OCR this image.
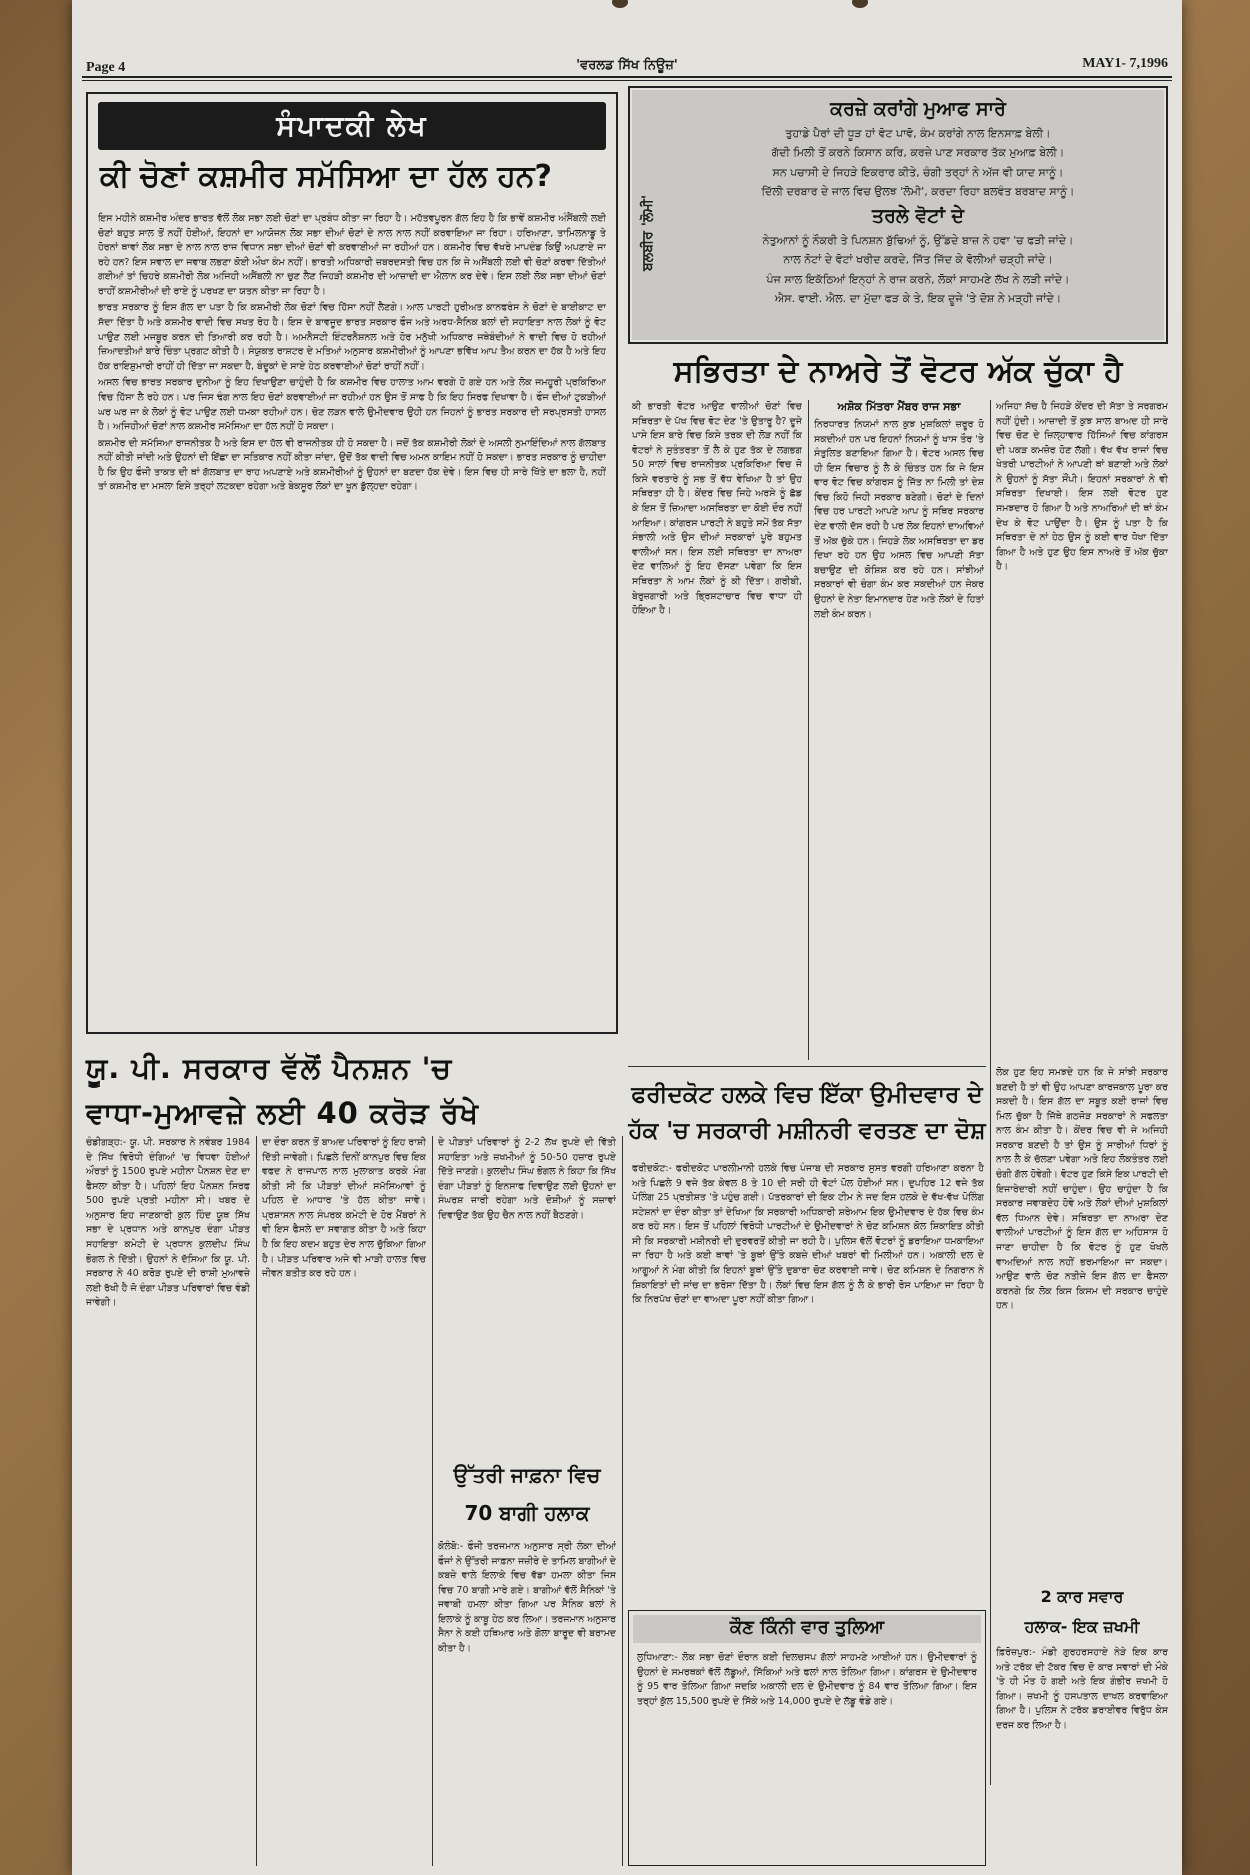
Page 4	'ਵਰਲਡ ਸਿੱਖ ਨਿਊਜ਼'	MAY1- 7,1996
ਸੰਪਾਦਕੀ ਲੇਖ
ਕੀ ਚੋਣਾਂ ਕਸ਼ਮੀਰ ਸਮੱਸਿਆ ਦਾ ਹੱਲ ਹਨ?

ਇਸ ਮਹੀਨੇ ਕਸ਼ਮੀਰ ਅੰਦਰ ਭਾਰਤ ਵੱਲੋਂ ਲੋਕ ਸਭਾ ਲਈ ਚੋਣਾਂ ਦਾ ਪ੍ਰਬੰਧ ਕੀਤਾ ਜਾ ਰਿਹਾ ਹੈ। ਮਹੱਤਵਪੂਰਨ ਗੱਲ ਇਹ ਹੈ ਕਿ ਭਾਵੇਂ ਕਸ਼ਮੀਰ ਅੰਸੈਂਬਲੀ ਲਈ ਚੋਣਾਂ ਬਹੁਤ ਸਾਲ ਤੋਂ ਨਹੀਂ ਹੋਈਆਂ, ਇਹਨਾਂ ਦਾ ਆਯੋਜਨ ਲੋਕ ਸਭਾ ਦੀਆਂ ਚੋਣਾਂ ਦੇ ਨਾਲ ਨਾਲ ਨਹੀਂ ਕਰਵਾਇਆ ਜਾ ਰਿਹਾ। ਹਰਿਆਣਾ, ਤਾਮਿਲਨਾਡੂ ਤੇ ਹੋਰਨਾਂ ਥਾਵਾਂ ਲੋਕ ਸਭਾ ਦੇ ਨਾਲ ਨਾਲ ਰਾਜ ਵਿਧਾਨ ਸਭਾ ਦੀਆਂ ਚੋਣਾਂ ਵੀ ਕਰਵਾਈਆਂ ਜਾ ਰਹੀਆਂ ਹਨ। ਕਸ਼ਮੀਰ ਵਿਚ ਵੱਖਰੇ ਮਾਪਦੰਡ ਕਿਉਂ ਅਪਣਾਏ ਜਾ ਰਹੇ ਹਨ? ਇਸ ਸਵਾਲ ਦਾ ਜਵਾਬ ਲਭਣਾ ਕੋਈ ਔਖਾ ਕੰਮ ਨਹੀਂ। ਭਾਰਤੀ ਅਧਿਕਾਰੀ ਜ਼ਬਰਦਸਤੀ ਵਿਚ ਹਨ ਕਿ ਜੇ ਅਸੈਂਬਲੀ ਲਈ ਵੀ ਚੋਣਾਂ ਕਰਵਾ ਦਿੱਤੀਆਂ ਗਈਆਂ ਤਾਂ ਚਿਹਰੇ ਕਸ਼ਮੀਰੀ ਲੋਕ ਅਜਿਹੀ ਅਸੈਂਬਲੀ ਨਾ ਚੁਣ ਲੈਣ ਜਿਹੜੀ ਕਸ਼ਮੀਰ ਦੀ ਆਜ਼ਾਦੀ ਦਾ ਐਲਾਨ ਕਰ ਦੇਵੇ। ਇਸ ਲਈ ਲੋਕ ਸਭਾ ਦੀਆਂ ਚੋਣਾਂ ਰਾਹੀਂ ਕਸ਼ਮੀਰੀਆਂ ਦੀ ਰਾਏ ਨੂੰ ਪਰਖਣ ਦਾ ਯਤਨ ਕੀਤਾ ਜਾ ਰਿਹਾ ਹੈ।

ਭਾਰਤ ਸਰਕਾਰ ਨੂੰ ਇਸ ਗੱਲ ਦਾ ਪਤਾ ਹੈ ਕਿ ਕਸ਼ਮੀਰੀ ਲੋਕ ਚੋਣਾਂ ਵਿਚ ਹਿੱਸਾ ਨਹੀਂ ਲੈਣਗੇ। ਆਲ ਪਾਰਟੀ ਹੁਰੀਅਤ ਕਾਨਫਰੰਸ ਨੇ ਚੋਣਾਂ ਦੇ ਬਾਈਕਾਟ ਦਾ ਸੱਦਾ ਦਿੱਤਾ ਹੈ ਅਤੇ ਕਸ਼ਮੀਰ ਵਾਦੀ ਵਿਚ ਸਖਤ ਰੋਹ ਹੈ। ਇਸ ਦੇ ਬਾਵਜੂਦ ਭਾਰਤ ਸਰਕਾਰ ਫੌਜ ਅਤੇ ਅਰਧ-ਸੈਨਿਕ ਬਲਾਂ ਦੀ ਸਹਾਇਤਾ ਨਾਲ ਲੋਕਾਂ ਨੂੰ ਵੋਟ ਪਾਉਣ ਲਈ ਮਜਬੂਰ ਕਰਨ ਦੀ ਤਿਆਰੀ ਕਰ ਰਹੀ ਹੈ। ਅਮਨੈਸਟੀ ਇੰਟਰਨੈਸ਼ਨਲ ਅਤੇ ਹੋਰ ਮਨੁੱਖੀ ਅਧਿਕਾਰ ਜਥੇਬੰਦੀਆਂ ਨੇ ਵਾਦੀ ਵਿਚ ਹੋ ਰਹੀਆਂ ਜ਼ਿਆਦਤੀਆਂ ਬਾਰੇ ਚਿੰਤਾ ਪ੍ਰਗਟ ਕੀਤੀ ਹੈ। ਸੰਯੁਕਤ ਰਾਸ਼ਟਰ ਦੇ ਮਤਿਆਂ ਅਨੁਸਾਰ ਕਸ਼ਮੀਰੀਆਂ ਨੂੰ ਆਪਣਾ ਭਵਿੱਖ ਆਪ ਤੈਅ ਕਰਨ ਦਾ ਹੱਕ ਹੈ ਅਤੇ ਇਹ ਹੱਕ ਰਾਇਸ਼ੁਮਾਰੀ ਰਾਹੀਂ ਹੀ ਦਿੱਤਾ ਜਾ ਸਕਦਾ ਹੈ, ਬੰਦੂਕਾਂ ਦੇ ਸਾਏ ਹੇਠ ਕਰਵਾਈਆਂ ਚੋਣਾਂ ਰਾਹੀਂ ਨਹੀਂ।

ਅਸਲ ਵਿਚ ਭਾਰਤ ਸਰਕਾਰ ਦੁਨੀਆ ਨੂੰ ਇਹ ਦਿਖਾਉਣਾ ਚਾਹੁੰਦੀ ਹੈ ਕਿ ਕਸ਼ਮੀਰ ਵਿਚ ਹਾਲਾਤ ਆਮ ਵਰਗੇ ਹੋ ਗਏ ਹਨ ਅਤੇ ਲੋਕ ਜਮਹੂਰੀ ਪ੍ਰਕਿਰਿਆ ਵਿਚ ਹਿੱਸਾ ਲੈ ਰਹੇ ਹਨ। ਪਰ ਜਿਸ ਢੰਗ ਨਾਲ ਇਹ ਚੋਣਾਂ ਕਰਵਾਈਆਂ ਜਾ ਰਹੀਆਂ ਹਨ ਉਸ ਤੋਂ ਸਾਫ ਹੈ ਕਿ ਇਹ ਸਿਰਫ ਦਿਖਾਵਾ ਹੈ। ਫੌਜ ਦੀਆਂ ਟੁਕੜੀਆਂ ਘਰ ਘਰ ਜਾ ਕੇ ਲੋਕਾਂ ਨੂੰ ਵੋਟ ਪਾਉਣ ਲਈ ਧਮਕਾ ਰਹੀਆਂ ਹਨ। ਚੋਣ ਲੜਨ ਵਾਲੇ ਉਮੀਦਵਾਰ ਉਹੀ ਹਨ ਜਿਹਨਾਂ ਨੂੰ ਭਾਰਤ ਸਰਕਾਰ ਦੀ ਸਰਪ੍ਰਸਤੀ ਹਾਸਲ ਹੈ। ਅਜਿਹੀਆਂ ਚੋਣਾਂ ਨਾਲ ਕਸ਼ਮੀਰ ਸਮੱਸਿਆ ਦਾ ਹੱਲ ਨਹੀਂ ਹੋ ਸਕਦਾ।

ਕਸ਼ਮੀਰ ਦੀ ਸਮੱਸਿਆ ਰਾਜਨੀਤਕ ਹੈ ਅਤੇ ਇਸ ਦਾ ਹੱਲ ਵੀ ਰਾਜਨੀਤਕ ਹੀ ਹੋ ਸਕਦਾ ਹੈ। ਜਦੋਂ ਤੱਕ ਕਸ਼ਮੀਰੀ ਲੋਕਾਂ ਦੇ ਅਸਲੀ ਨੁਮਾਇੰਦਿਆਂ ਨਾਲ ਗੱਲਬਾਤ ਨਹੀਂ ਕੀਤੀ ਜਾਂਦੀ ਅਤੇ ਉਹਨਾਂ ਦੀ ਇੱਛਾ ਦਾ ਸਤਿਕਾਰ ਨਹੀਂ ਕੀਤਾ ਜਾਂਦਾ, ਉਦੋਂ ਤੱਕ ਵਾਦੀ ਵਿਚ ਅਮਨ ਕਾਇਮ ਨਹੀਂ ਹੋ ਸਕਦਾ। ਭਾਰਤ ਸਰਕਾਰ ਨੂੰ ਚਾਹੀਦਾ ਹੈ ਕਿ ਉਹ ਫੌਜੀ ਤਾਕਤ ਦੀ ਥਾਂ ਗੱਲਬਾਤ ਦਾ ਰਾਹ ਅਪਣਾਏ ਅਤੇ ਕਸ਼ਮੀਰੀਆਂ ਨੂੰ ਉਹਨਾਂ ਦਾ ਬਣਦਾ ਹੱਕ ਦੇਵੇ। ਇਸ ਵਿਚ ਹੀ ਸਾਰੇ ਖਿੱਤੇ ਦਾ ਭਲਾ ਹੈ, ਨਹੀਂ ਤਾਂ ਕਸ਼ਮੀਰ ਦਾ ਮਸਲਾ ਇਸੇ ਤਰ੍ਹਾਂ ਲਟਕਦਾ ਰਹੇਗਾ ਅਤੇ ਬੇਕਸੂਰ ਲੋਕਾਂ ਦਾ ਖੂਨ ਡੁੱਲ੍ਹਦਾ ਰਹੇਗਾ।

ਬਲਬੀਰ 'ਲੋਮੀ'
ਕਰਜ਼ੇ ਕਰਾਂਗੇ ਮੁਆਫ ਸਾਰੇ
ਤੁਹਾਡੇ ਪੈਰਾਂ ਦੀ ਧੂੜ ਹਾਂ ਵੋਟ ਪਾਵੋ, ਕੰਮ ਕਰਾਂਗੇ ਨਾਲ ਇਨਸਾਫ਼ ਬੇਲੀ।
ਗੱਦੀ ਮਿਲੀ ਤੋਂ ਕਰਨੇ ਕਿਸਾਨ ਕਰਿ, ਕਰਜ਼ੇ ਪਾਣ ਸਰਕਾਰ ਤੱਕ ਮੁਆਫ਼ ਬੇਲੀ।
ਸਨ ਪਚਾਸੀ ਦੇ ਜਿਹੜੇ ਇਕਰਾਰ ਕੀਤੇ, ਚੰਗੀ ਤਰ੍ਹਾਂ ਨੇ ਅੱਜ ਵੀ ਯਾਦ ਸਾਨੂੰ।
ਦਿੱਲੀ ਦਰਬਾਰ ਦੇ ਜਾਲ ਵਿਚ ਉਲਝ 'ਲੋਮੀ', ਕਰਦਾ ਰਿਹਾ ਬਲਵੰਤ ਬਰਬਾਦ ਸਾਨੂੰ।
ਤਰਲੇ ਵੋਟਾਂ ਦੇ
ਨੇਤੁਆਨਾਂ ਨੂੰ ਨੌਕਰੀ ਤੇ ਪਿਨਸ਼ਨ ਬੁੱਢਿਆਂ ਨੂੰ, ਉੱਡਦੇ ਬਾਜ਼ ਨੇ ਹਵਾ 'ਚ ਫੜੀ ਜਾਂਦੇ।
ਨਾਲ ਨੋਟਾਂ ਦੇ ਵੋਟਾਂ ਖਰੀਦ ਕਰਦੇ, ਜਿੱਤ ਜਿੱਦ ਕੇ ਵੋਲੀਆਂ ਚੜ੍ਹੀ ਜਾਂਦੇ।
ਪੰਜ ਸਾਲ ਇਕੱਠਿਆਂ ਇਨ੍ਹਾਂ ਨੇ ਰਾਜ ਕਰਨੇ, ਲੋਕਾਂ ਸਾਹਮਣੇ ਲੱਖ ਨੇ ਲੜੀ ਜਾਂਦੇ।
ਐਸ. ਵਾਈ. ਐਲ. ਦਾ ਮੁੱਦਾ ਫੜ ਕੇ ਤੇ, ਇਕ ਦੂਜੇ 'ਤੇ ਦੋਸ਼ ਨੇ ਮੜ੍ਹੀ ਜਾਂਦੇ।
ਸਭਿਰਤਾ ਦੇ ਨਾਅਰੇ ਤੋਂ ਵੋਟਰ ਅੱਕ ਚੁੱਕਾ ਹੈ
ਕੀ ਭਾਰਤੀ ਵੋਟਰ ਆਉਣ ਵਾਲੀਆਂ ਚੋਣਾਂ ਵਿਚ ਸਥਿਰਤਾ ਦੇ ਪੱਖ ਵਿਚ ਵੋਟ ਦੇਣ 'ਤੇ ਉਤਾਰੂ ਹੈ? ਦੂਜੇ ਪਾਸੇ ਇਸ ਬਾਰੇ ਵਿਚ ਕਿਸੇ ਤਰਕ ਦੀ ਲੋੜ ਨਹੀਂ ਕਿ ਵੋਟਰਾਂ ਨੇ ਸੁਤੰਤਰਤਾ ਤੋਂ ਲੈ ਕੇ ਹੁਣ ਤੱਕ ਦੇ ਲਗਭਗ 50 ਸਾਲਾਂ ਵਿਚ ਰਾਜਨੀਤਕ ਪ੍ਰਕਿਰਿਆ ਵਿਚ ਜੋ ਕਿਸੇ ਵਰਤਾਰੇ ਨੂੰ ਸਭ ਤੋਂ ਵੱਧ ਵੇਖਿਆ ਹੈ ਤਾਂ ਉਹ ਸਥਿਰਤਾ ਹੀ ਹੈ। ਕੇਂਦਰ ਵਿਚ ਜਿਹੇ ਅਰਸੇ ਨੂੰ ਛੱਡ ਕੇ ਇਸ ਤੋਂ ਜ਼ਿਆਦਾ ਅਸਥਿਰਤਾ ਦਾ ਕੋਈ ਦੌਰ ਨਹੀਂ ਆਇਆ। ਕਾਂਗਰਸ ਪਾਰਟੀ ਨੇ ਬਹੁਤੇ ਸਮੇਂ ਤੱਕ ਸੱਤਾ ਸੰਭਾਲੀ ਅਤੇ ਉਸ ਦੀਆਂ ਸਰਕਾਰਾਂ ਪੂਰੇ ਬਹੁਮਤ ਵਾਲੀਆਂ ਸਨ। ਇਸ ਲਈ ਸਥਿਰਤਾ ਦਾ ਨਾਅਰਾ ਦੇਣ ਵਾਲਿਆਂ ਨੂੰ ਇਹ ਦੱਸਣਾ ਪਵੇਗਾ ਕਿ ਇਸ ਸਥਿਰਤਾ ਨੇ ਆਮ ਲੋਕਾਂ ਨੂੰ ਕੀ ਦਿੱਤਾ। ਗਰੀਬੀ, ਬੇਰੁਜ਼ਗਾਰੀ ਅਤੇ ਭ੍ਰਿਸ਼ਟਾਚਾਰ ਵਿਚ ਵਾਧਾ ਹੀ ਹੋਇਆ ਹੈ।
ਅਸ਼ੋਕ ਮਿੱਤਰਾ ਮੈਂਬਰ ਰਾਜ ਸਭਾ
ਨਿਰਧਾਰਤ ਨਿਯਮਾਂ ਨਾਲ ਕੁਝ ਮੁਸ਼ਕਿਲਾਂ ਜ਼ਰੂਰ ਹੋ ਸਕਦੀਆਂ ਹਨ ਪਰ ਇਹਨਾਂ ਨਿਯਮਾਂ ਨੂੰ ਖਾਸ ਤੌਰ 'ਤੇ ਸੰਤੁਲਿਤ ਬਣਾਇਆ ਗਿਆ ਹੈ। ਵੋਟਰ ਅਸਲ ਵਿਚ ਹੀ ਇਸ ਵਿਚਾਰ ਨੂੰ ਲੈ ਕੇ ਚਿੰਤਤ ਹਨ ਕਿ ਜੇ ਇਸ ਵਾਰ ਵੋਟ ਵਿਚ ਕਾਂਗਰਸ ਨੂੰ ਜਿੱਤ ਨਾ ਮਿਲੀ ਤਾਂ ਦੇਸ਼ ਵਿਚ ਕਿਹੋ ਜਿਹੀ ਸਰਕਾਰ ਬਣੇਗੀ। ਚੋਣਾਂ ਦੇ ਦਿਨਾਂ ਵਿਚ ਹਰ ਪਾਰਟੀ ਆਪਣੇ ਆਪ ਨੂੰ ਸਥਿਰ ਸਰਕਾਰ ਦੇਣ ਵਾਲੀ ਦੱਸ ਰਹੀ ਹੈ ਪਰ ਲੋਕ ਇਹਨਾਂ ਦਾਅਵਿਆਂ ਤੋਂ ਅੱਕ ਚੁੱਕੇ ਹਨ। ਜਿਹੜੇ ਲੋਕ ਅਸਥਿਰਤਾ ਦਾ ਡਰ ਦਿਖਾ ਰਹੇ ਹਨ ਉਹ ਅਸਲ ਵਿਚ ਆਪਣੀ ਸੱਤਾ ਬਚਾਉਣ ਦੀ ਕੋਸ਼ਿਸ਼ ਕਰ ਰਹੇ ਹਨ। ਸਾਂਝੀਆਂ ਸਰਕਾਰਾਂ ਵੀ ਚੰਗਾ ਕੰਮ ਕਰ ਸਕਦੀਆਂ ਹਨ ਜੇਕਰ ਉਹਨਾਂ ਦੇ ਨੇਤਾ ਇਮਾਨਦਾਰ ਹੋਣ ਅਤੇ ਲੋਕਾਂ ਦੇ ਹਿਤਾਂ ਲਈ ਕੰਮ ਕਰਨ।
ਅਜਿਹਾ ਸੱਚ ਹੈ ਜਿਹੜੇ ਕੇਂਦਰ ਦੀ ਸੱਤਾ ਤੇ ਸਰਗਰਮ ਨਹੀਂ ਹੁੰਦੀ। ਆਜ਼ਾਦੀ ਤੋਂ ਕੁਝ ਸਾਲ ਬਾਅਦ ਹੀ ਸਾਰੇ ਵਿਚ ਚੋਣ ਦੇ ਜ਼ਿਲ੍ਹਾਵਾਰ ਹਿੱਸਿਆਂ ਵਿਚ ਕਾਂਗਰਸ ਦੀ ਪਕੜ ਕਮਜ਼ੋਰ ਹੋਣ ਲੱਗੀ। ਵੱਖ ਵੱਖ ਰਾਜਾਂ ਵਿਚ ਖੇਤਰੀ ਪਾਰਟੀਆਂ ਨੇ ਆਪਣੀ ਥਾਂ ਬਣਾਈ ਅਤੇ ਲੋਕਾਂ ਨੇ ਉਹਨਾਂ ਨੂੰ ਸੱਤਾ ਸੌਂਪੀ। ਇਹਨਾਂ ਸਰਕਾਰਾਂ ਨੇ ਵੀ ਸਥਿਰਤਾ ਦਿਖਾਈ। ਇਸ ਲਈ ਵੋਟਰ ਹੁਣ ਸਮਝਦਾਰ ਹੋ ਗਿਆ ਹੈ ਅਤੇ ਨਾਅਰਿਆਂ ਦੀ ਥਾਂ ਕੰਮ ਦੇਖ ਕੇ ਵੋਟ ਪਾਉਂਦਾ ਹੈ। ਉਸ ਨੂੰ ਪਤਾ ਹੈ ਕਿ ਸਥਿਰਤਾ ਦੇ ਨਾਂ ਹੇਠ ਉਸ ਨੂੰ ਕਈ ਵਾਰ ਧੋਖਾ ਦਿੱਤਾ ਗਿਆ ਹੈ ਅਤੇ ਹੁਣ ਉਹ ਇਸ ਨਾਅਰੇ ਤੋਂ ਅੱਕ ਚੁੱਕਾ ਹੈ।
ਫਰੀਦਕੋਟ ਹਲਕੇ ਵਿਚ ਇੱਕਾ ਉਮੀਦਵਾਰ ਦੇ
ਹੱਕ 'ਚ ਸਰਕਾਰੀ ਮਸ਼ੀਨਰੀ ਵਰਤਣ ਦਾ ਦੋਸ਼
ਫਰੀਦਕੋਟ:- ਫਰੀਦਕੋਟ ਪਾਰਲੀਮਾਨੀ ਹਲਕੇ ਵਿਚ ਪੰਜਾਬ ਦੀ ਸਰਕਾਰ ਸੁਸਤ ਵਰਗੀ ਹਰਿਆਣਾ ਕਰਨਾ ਹੈ ਅਤੇ ਪਿਛਲੇ 9 ਵਜੇ ਤੱਕ ਕੇਵਲ 8 ਤੇ 10 ਦੀ ਸਰੀ ਹੀ ਵੋਟਾਂ ਪੋਲ ਹੋਈਆਂ ਸਨ। ਦੁਪਹਿਰ 12 ਵਜੇ ਤੱਕ ਪੋਲਿੰਗ 25 ਪ੍ਰਤੀਸ਼ਤ 'ਤੇ ਪਹੁੰਚ ਗਈ। ਪੱਤਰਕਾਰਾਂ ਦੀ ਇਕ ਟੀਮ ਨੇ ਜਦ ਇਸ ਹਲਕੇ ਦੇ ਵੱਖ-ਵੱਖ ਪੋਲਿੰਗ ਸਟੇਸ਼ਨਾਂ ਦਾ ਦੌਰਾ ਕੀਤਾ ਤਾਂ ਦੇਖਿਆ ਕਿ ਸਰਕਾਰੀ ਅਧਿਕਾਰੀ ਸ਼ਰੇਆਮ ਇਕ ਉਮੀਦਵਾਰ ਦੇ ਹੱਕ ਵਿਚ ਕੰਮ ਕਰ ਰਹੇ ਸਨ। ਇਸ ਤੋਂ ਪਹਿਲਾਂ ਵਿਰੋਧੀ ਪਾਰਟੀਆਂ ਦੇ ਉਮੀਦਵਾਰਾਂ ਨੇ ਚੋਣ ਕਮਿਸ਼ਨ ਕੋਲ ਸ਼ਿਕਾਇਤ ਕੀਤੀ ਸੀ ਕਿ ਸਰਕਾਰੀ ਮਸ਼ੀਨਰੀ ਦੀ ਦੁਰਵਰਤੋਂ ਕੀਤੀ ਜਾ ਰਹੀ ਹੈ। ਪੁਲਿਸ ਵੱਲੋਂ ਵੋਟਰਾਂ ਨੂੰ ਡਰਾਇਆ ਧਮਕਾਇਆ ਜਾ ਰਿਹਾ ਹੈ ਅਤੇ ਕਈ ਥਾਵਾਂ 'ਤੇ ਬੂਥਾਂ ਉੱਤੇ ਕਬਜ਼ੇ ਦੀਆਂ ਖਬਰਾਂ ਵੀ ਮਿਲੀਆਂ ਹਨ। ਅਕਾਲੀ ਦਲ ਦੇ ਆਗੂਆਂ ਨੇ ਮੰਗ ਕੀਤੀ ਕਿ ਇਹਨਾਂ ਬੂਥਾਂ ਉੱਤੇ ਦੁਬਾਰਾ ਚੋਣ ਕਰਵਾਈ ਜਾਵੇ। ਚੋਣ ਕਮਿਸ਼ਨ ਦੇ ਨਿਗਰਾਨ ਨੇ ਸ਼ਿਕਾਇਤਾਂ ਦੀ ਜਾਂਚ ਦਾ ਭਰੋਸਾ ਦਿੱਤਾ ਹੈ। ਲੋਕਾਂ ਵਿਚ ਇਸ ਗੱਲ ਨੂੰ ਲੈ ਕੇ ਭਾਰੀ ਰੋਸ ਪਾਇਆ ਜਾ ਰਿਹਾ ਹੈ ਕਿ ਨਿਰਪੱਖ ਚੋਣਾਂ ਦਾ ਵਾਅਦਾ ਪੂਰਾ ਨਹੀਂ ਕੀਤਾ ਗਿਆ।
ਯੂ. ਪੀ. ਸਰਕਾਰ ਵੱਲੋਂ ਪੈਨਸ਼ਨ 'ਚ
ਵਾਧਾ-ਮੁਆਵਜ਼ੇ ਲਈ 40 ਕਰੋੜ ਰੱਖੇ
ਚੰਡੀਗੜ੍ਹ:- ਯੂ. ਪੀ. ਸਰਕਾਰ ਨੇ ਨਵੰਬਰ 1984 ਦੇ ਸਿੱਖ ਵਿਰੋਧੀ ਦੰਗਿਆਂ 'ਚ ਵਿਧਵਾ ਹੋਈਆਂ ਔਰਤਾਂ ਨੂੰ 1500 ਰੁਪਏ ਮਹੀਨਾ ਪੈਨਸ਼ਨ ਦੇਣ ਦਾ ਫੈਸਲਾ ਕੀਤਾ ਹੈ। ਪਹਿਲਾਂ ਇਹ ਪੈਨਸ਼ਨ ਸਿਰਫ 500 ਰੁਪਏ ਪ੍ਰਤੀ ਮਹੀਨਾ ਸੀ। ਖਬਰ ਦੇ ਅਨੁਸਾਰ ਇਹ ਜਾਣਕਾਰੀ ਕੁਲ ਹਿੰਦ ਯੂਥ ਸਿੱਖ ਸਭਾ ਦੇ ਪ੍ਰਧਾਨ ਅਤੇ ਕਾਨਪੁਰ ਦੰਗਾ ਪੀੜਤ ਸਹਾਇਤਾ ਕਮੇਟੀ ਦੇ ਪ੍ਰਧਾਨ ਕੁਲਦੀਪ ਸਿੰਘ ਭੋਗਲ ਨੇ ਦਿੱਤੀ। ਉਹਨਾਂ ਨੇ ਦੱਸਿਆ ਕਿ ਯੂ. ਪੀ. ਸਰਕਾਰ ਨੇ 40 ਕਰੋੜ ਰੁਪਏ ਦੀ ਰਾਸ਼ੀ ਮੁਆਵਜ਼ੇ ਲਈ ਰੱਖੀ ਹੈ ਜੋ ਦੰਗਾ ਪੀੜਤ ਪਰਿਵਾਰਾਂ ਵਿਚ ਵੰਡੀ ਜਾਵੇਗੀ।
ਦਾ ਦੌਰਾ ਕਰਨ ਤੋਂ ਬਾਅਦ ਪਰਿਵਾਰਾਂ ਨੂੰ ਇਹ ਰਾਸ਼ੀ ਦਿੱਤੀ ਜਾਵੇਗੀ। ਪਿਛਲੇ ਦਿਨੀਂ ਕਾਨਪੁਰ ਵਿਚ ਇਕ ਵਫਦ ਨੇ ਰਾਜਪਾਲ ਨਾਲ ਮੁਲਾਕਾਤ ਕਰਕੇ ਮੰਗ ਕੀਤੀ ਸੀ ਕਿ ਪੀੜਤਾਂ ਦੀਆਂ ਸਮੱਸਿਆਵਾਂ ਨੂੰ ਪਹਿਲ ਦੇ ਆਧਾਰ 'ਤੇ ਹੱਲ ਕੀਤਾ ਜਾਵੇ। ਪ੍ਰਸ਼ਾਸਨ ਨਾਲ ਸੰਪਰਕ ਕਮੇਟੀ ਦੇ ਹੋਰ ਮੈਂਬਰਾਂ ਨੇ ਵੀ ਇਸ ਫੈਸਲੇ ਦਾ ਸਵਾਗਤ ਕੀਤਾ ਹੈ ਅਤੇ ਕਿਹਾ ਹੈ ਕਿ ਇਹ ਕਦਮ ਬਹੁਤ ਦੇਰ ਨਾਲ ਚੁੱਕਿਆ ਗਿਆ ਹੈ। ਪੀੜਤ ਪਰਿਵਾਰ ਅਜੇ ਵੀ ਮਾੜੀ ਹਾਲਤ ਵਿਚ ਜੀਵਨ ਬਤੀਤ ਕਰ ਰਹੇ ਹਨ।
ਦੇ ਪੀੜਤਾਂ ਪਰਿਵਾਰਾਂ ਨੂੰ 2-2 ਲੱਖ ਰੁਪਏ ਦੀ ਵਿੱਤੀ ਸਹਾਇਤਾ ਅਤੇ ਜ਼ਖਮੀਆਂ ਨੂੰ 50-50 ਹਜ਼ਾਰ ਰੁਪਏ ਦਿੱਤੇ ਜਾਣਗੇ। ਕੁਲਦੀਪ ਸਿੰਘ ਭੋਗਲ ਨੇ ਕਿਹਾ ਕਿ ਸਿੱਖ ਦੰਗਾ ਪੀੜਤਾਂ ਨੂੰ ਇਨਸਾਫ ਦਿਵਾਉਣ ਲਈ ਉਹਨਾਂ ਦਾ ਸੰਘਰਸ਼ ਜਾਰੀ ਰਹੇਗਾ ਅਤੇ ਦੋਸ਼ੀਆਂ ਨੂੰ ਸਜ਼ਾਵਾਂ ਦਿਵਾਉਣ ਤੱਕ ਉਹ ਚੈਨ ਨਾਲ ਨਹੀਂ ਬੈਠਣਗੇ।
ਉੱਤਰੀ ਜਾਫ਼ਨਾ ਵਿਚ
70 ਬਾਗੀ ਹਲਾਕ
ਕੋਲੰਬੋ:- ਫੌਜੀ ਤਰਜਮਾਨ ਅਨੁਸਾਰ ਸ੍ਰੀ ਲੰਕਾ ਦੀਆਂ ਫੌਜਾਂ ਨੇ ਉੱਤਰੀ ਜਾਫ਼ਨਾ ਜਜ਼ੀਰੇ ਦੇ ਤਾਮਿਲ ਬਾਗੀਆਂ ਦੇ ਕਬਜ਼ੇ ਵਾਲੇ ਇਲਾਕੇ ਵਿਚ ਵੱਡਾ ਹਮਲਾ ਕੀਤਾ ਜਿਸ ਵਿਚ 70 ਬਾਗੀ ਮਾਰੇ ਗਏ। ਬਾਗੀਆਂ ਵੱਲੋਂ ਸੈਨਿਕਾਂ 'ਤੇ ਜਵਾਬੀ ਹਮਲਾ ਕੀਤਾ ਗਿਆ ਪਰ ਸੈਨਿਕ ਬਲਾਂ ਨੇ ਇਲਾਕੇ ਨੂੰ ਕਾਬੂ ਹੇਠ ਕਰ ਲਿਆ। ਤਰਜਮਾਨ ਅਨੁਸਾਰ ਸੈਨਾ ਨੇ ਕਈ ਹਥਿਆਰ ਅਤੇ ਗੋਲਾ ਬਾਰੂਦ ਵੀ ਬਰਾਮਦ ਕੀਤਾ ਹੈ।
ਕੌਣ ਕਿੰਨੀ ਵਾਰ ਤੁਲਿਆ
ਲੁਧਿਆਣਾ:- ਲੋਕ ਸਭਾ ਚੋਣਾਂ ਦੌਰਾਨ ਕਈ ਦਿਲਚਸਪ ਗੱਲਾਂ ਸਾਹਮਣੇ ਆਈਆਂ ਹਨ। ਉਮੀਦਵਾਰਾਂ ਨੂੰ ਉਹਨਾਂ ਦੇ ਸਮਰਥਕਾਂ ਵੱਲੋਂ ਲੱਡੂਆਂ, ਸਿੱਕਿਆਂ ਅਤੇ ਫਲਾਂ ਨਾਲ ਤੋਲਿਆ ਗਿਆ। ਕਾਂਗਰਸ ਦੇ ਉਮੀਦਵਾਰ ਨੂੰ 95 ਵਾਰ ਤੋਲਿਆ ਗਿਆ ਜਦਕਿ ਅਕਾਲੀ ਦਲ ਦੇ ਉਮੀਦਵਾਰ ਨੂੰ 84 ਵਾਰ ਤੋਲਿਆ ਗਿਆ। ਇਸ ਤਰ੍ਹਾਂ ਕੁੱਲ 15,500 ਰੁਪਏ ਦੇ ਸਿੱਕੇ ਅਤੇ 14,000 ਰੁਪਏ ਦੇ ਲੱਡੂ ਵੰਡੇ ਗਏ।
ਲੋਕ ਹੁਣ ਇਹ ਸਮਝਦੇ ਹਨ ਕਿ ਜੇ ਸਾਂਝੀ ਸਰਕਾਰ ਬਣਦੀ ਹੈ ਤਾਂ ਵੀ ਉਹ ਆਪਣਾ ਕਾਰਜਕਾਲ ਪੂਰਾ ਕਰ ਸਕਦੀ ਹੈ। ਇਸ ਗੱਲ ਦਾ ਸਬੂਤ ਕਈ ਰਾਜਾਂ ਵਿਚ ਮਿਲ ਚੁੱਕਾ ਹੈ ਜਿੱਥੇ ਗਠਜੋੜ ਸਰਕਾਰਾਂ ਨੇ ਸਫਲਤਾ ਨਾਲ ਕੰਮ ਕੀਤਾ ਹੈ। ਕੇਂਦਰ ਵਿਚ ਵੀ ਜੇ ਅਜਿਹੀ ਸਰਕਾਰ ਬਣਦੀ ਹੈ ਤਾਂ ਉਸ ਨੂੰ ਸਾਰੀਆਂ ਧਿਰਾਂ ਨੂੰ ਨਾਲ ਲੈ ਕੇ ਚੱਲਣਾ ਪਵੇਗਾ ਅਤੇ ਇਹ ਲੋਕਤੰਤਰ ਲਈ ਚੰਗੀ ਗੱਲ ਹੋਵੇਗੀ। ਵੋਟਰ ਹੁਣ ਕਿਸੇ ਇਕ ਪਾਰਟੀ ਦੀ ਇਜਾਰੇਦਾਰੀ ਨਹੀਂ ਚਾਹੁੰਦਾ। ਉਹ ਚਾਹੁੰਦਾ ਹੈ ਕਿ ਸਰਕਾਰ ਜਵਾਬਦੇਹ ਹੋਵੇ ਅਤੇ ਲੋਕਾਂ ਦੀਆਂ ਮੁਸ਼ਕਿਲਾਂ ਵੱਲ ਧਿਆਨ ਦੇਵੇ। ਸਥਿਰਤਾ ਦਾ ਨਾਅਰਾ ਦੇਣ ਵਾਲੀਆਂ ਪਾਰਟੀਆਂ ਨੂੰ ਇਸ ਗੱਲ ਦਾ ਅਹਿਸਾਸ ਹੋ ਜਾਣਾ ਚਾਹੀਦਾ ਹੈ ਕਿ ਵੋਟਰ ਨੂੰ ਹੁਣ ਖੋਖਲੇ ਵਾਅਦਿਆਂ ਨਾਲ ਨਹੀਂ ਭਰਮਾਇਆ ਜਾ ਸਕਦਾ। ਆਉਣ ਵਾਲੇ ਚੋਣ ਨਤੀਜੇ ਇਸ ਗੱਲ ਦਾ ਫੈਸਲਾ ਕਰਨਗੇ ਕਿ ਲੋਕ ਕਿਸ ਕਿਸਮ ਦੀ ਸਰਕਾਰ ਚਾਹੁੰਦੇ ਹਨ।
2 ਕਾਰ ਸਵਾਰ
ਹਲਾਕ- ਇਕ ਜ਼ਖਮੀ
ਫ਼ਿਰੋਜ਼ਪੁਰ:- ਮੰਡੀ ਗੁਰਹਰਸਹਾਏ ਨੇੜੇ ਇਕ ਕਾਰ ਅਤੇ ਟਰੱਕ ਦੀ ਟੱਕਰ ਵਿਚ ਦੋ ਕਾਰ ਸਵਾਰਾਂ ਦੀ ਮੌਕੇ 'ਤੇ ਹੀ ਮੌਤ ਹੋ ਗਈ ਅਤੇ ਇਕ ਗੰਭੀਰ ਜ਼ਖਮੀ ਹੋ ਗਿਆ। ਜ਼ਖਮੀ ਨੂੰ ਹਸਪਤਾਲ ਦਾਖਲ ਕਰਵਾਇਆ ਗਿਆ ਹੈ। ਪੁਲਿਸ ਨੇ ਟਰੱਕ ਡਰਾਈਵਰ ਵਿਰੁੱਧ ਕੇਸ ਦਰਜ ਕਰ ਲਿਆ ਹੈ।
